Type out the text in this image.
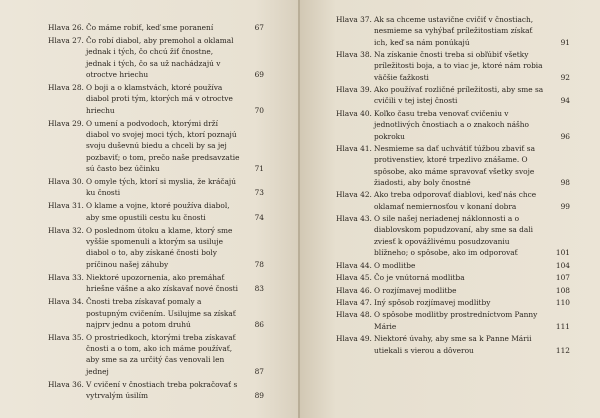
Hlava 26. Čo máme robiť, keď sme poranení	67
Hlava 27. Čo robí diabol, aby premohol a oklamal jednak i tých, čo chcú žiť čnostne, jednak i tých, čo sa už nachádzajú v otroctve hriechu	69
Hlava 28. O boji a o klamstvách, ktoré používa diabol proti tým, ktorých má v otroctve hriechu	70
Hlava 29. O umení a podvodoch, ktorými drží diabol vo svojej moci tých, ktorí poznajú svoju duševnú biedu a chceli by sa jej pozbaviť; o tom, prečo naše predsavzatie sú často bez účinku	71
Hlava 30. O omyle tých, ktorí si myslia, že kráčajú ku čnosti	73
Hlava 31. O klame a vojne, ktoré používa diabol, aby sme opustili cestu ku čnosti	74
Hlava 32. O poslednom útoku a klame, ktorý sme vyššie spomenuli a ktorým sa usiluje diabol o to, aby získané čnosti boly príčinou našej záhuby	78
Hlava 33. Niektoré upozornenia, ako premáhať hriešne vášne a ako získavať nové čnosti	83
Hlava 34. Čnosti treba získavať pomaly a postupným cvičením. Usilujme sa získať najprv jednu a potom druhú	86
Hlava 35. O prostriedkoch, ktorými treba získavať čnosti a o tom, ako ich máme používať, aby sme sa za určitý čas venovali len jednej	87
Hlava 36. V cvičení v čnostiach treba pokračovať s vytrvalým úsilím	89
Hlava 37. Ak sa chceme ustavične cvičiť v čnostiach, nesmieme sa vyhýbať príležitostiam získať ich, keď sa nám ponúkajú	91
Hlava 38. Na získanie čnosti treba si obľúbiť všetky príležitosti boja, a to viac je, ktoré nám robia väčšie ťažkosti	92
Hlava 39. Ako používať rozličné príležitosti, aby sme sa cvičili v tej istej čnosti	94
Hlava 40. Koľko času treba venovať cvičeniu v jednotlivých čnostiach a o znakoch nášho pokroku	96
Hlava 41. Nesmieme sa dať uchvátiť túžbou zbaviť sa protivenstiev, ktoré trpezlivo znášame. O spôsobe, ako máme spravovať všetky svoje žiadosti, aby boly čnostné	98
Hlava 42. Ako treba odporovať diablovi, keď nás chce oklamať nemiernosťou v konaní dobra	99
Hlava 43. O sile našej neriadenej náklonnosti a o diablovskom popudzovaní, aby sme sa dali zviesť k opovážlivému posudzovaniu blížneho; o spôsobe, ako im odporovať	101
Hlava 44. O modlitbe	104
Hlava 45. Čo je vnútorná modlitba	107
Hlava 46. O rozjímavej modlitbe	108
Hlava 47. Iný spôsob rozjímavej modlitby	110
Hlava 48. O spôsobe modlitby prostredníctvom Panny Márie	111
Hlava 49. Niektoré úvahy, aby sme sa k Panne Márii utiekali s vierou a dôverou	112
